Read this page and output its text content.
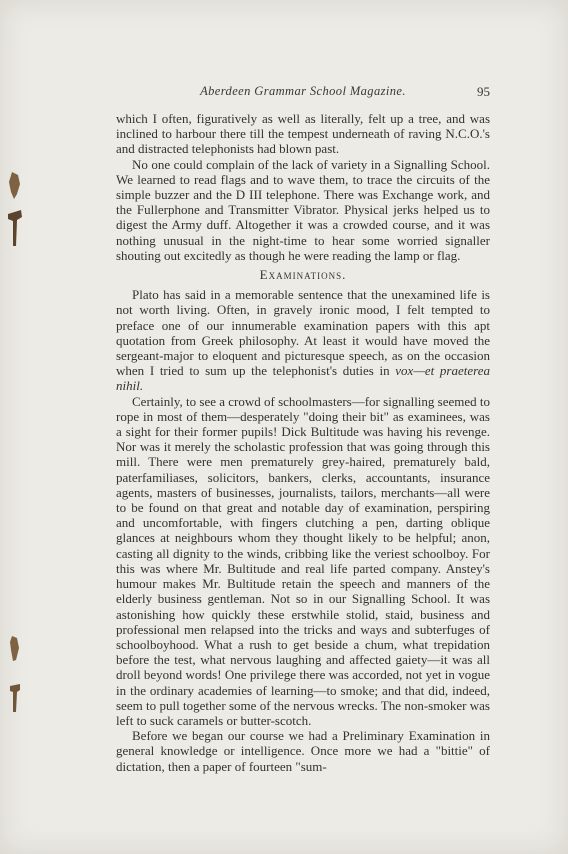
Aberdeen Grammar School Magazine.	95

which I often, figuratively as well as literally, felt up a tree, and was inclined to harbour there till the tempest underneath of raving N.C.O.'s and distracted telephonists had blown past.

No one could complain of the lack of variety in a Signalling School. We learned to read flags and to wave them, to trace the circuits of the simple buzzer and the D III telephone. There was Exchange work, and the Fullerphone and Transmitter Vibrator. Physical jerks helped us to digest the Army duff. Altogether it was a crowded course, and it was nothing unusual in the night-time to hear some worried signaller shouting out excitedly as though he were reading the lamp or flag.

Examinations.

Plato has said in a memorable sentence that the unexamined life is not worth living. Often, in gravely ironic mood, I felt tempted to preface one of our innumerable examination papers with this apt quotation from Greek philosophy. At least it would have moved the sergeant-major to eloquent and picturesque speech, as on the occasion when I tried to sum up the telephonist's duties in vox—et praeterea nihil.

Certainly, to see a crowd of schoolmasters—for signalling seemed to rope in most of them—desperately "doing their bit" as examinees, was a sight for their former pupils! Dick Bultitude was having his revenge. Nor was it merely the scholastic profession that was going through this mill. There were men prematurely grey-haired, prematurely bald, paterfamiliases, solicitors, bankers, clerks, accountants, insurance agents, masters of businesses, journalists, tailors, merchants—all were to be found on that great and notable day of examination, perspiring and uncomfortable, with fingers clutching a pen, darting oblique glances at neighbours whom they thought likely to be helpful; anon, casting all dignity to the winds, cribbing like the veriest schoolboy. For this was where Mr. Bultitude and real life parted company. Anstey's humour makes Mr. Bultitude retain the speech and manners of the elderly business gentleman. Not so in our Signalling School. It was astonishing how quickly these erstwhile stolid, staid, business and professional men relapsed into the tricks and ways and subterfuges of schoolboyhood. What a rush to get beside a chum, what trepidation before the test, what nervous laughing and affected gaiety—it was all droll beyond words! One privilege there was accorded, not yet in vogue in the ordinary academies of learning—to smoke; and that did, indeed, seem to pull together some of the nervous wrecks. The non-smoker was left to suck caramels or butter-scotch.

Before we began our course we had a Preliminary Examination in general knowledge or intelligence. Once more we had a "bittie" of dictation, then a paper of fourteen "sum-
